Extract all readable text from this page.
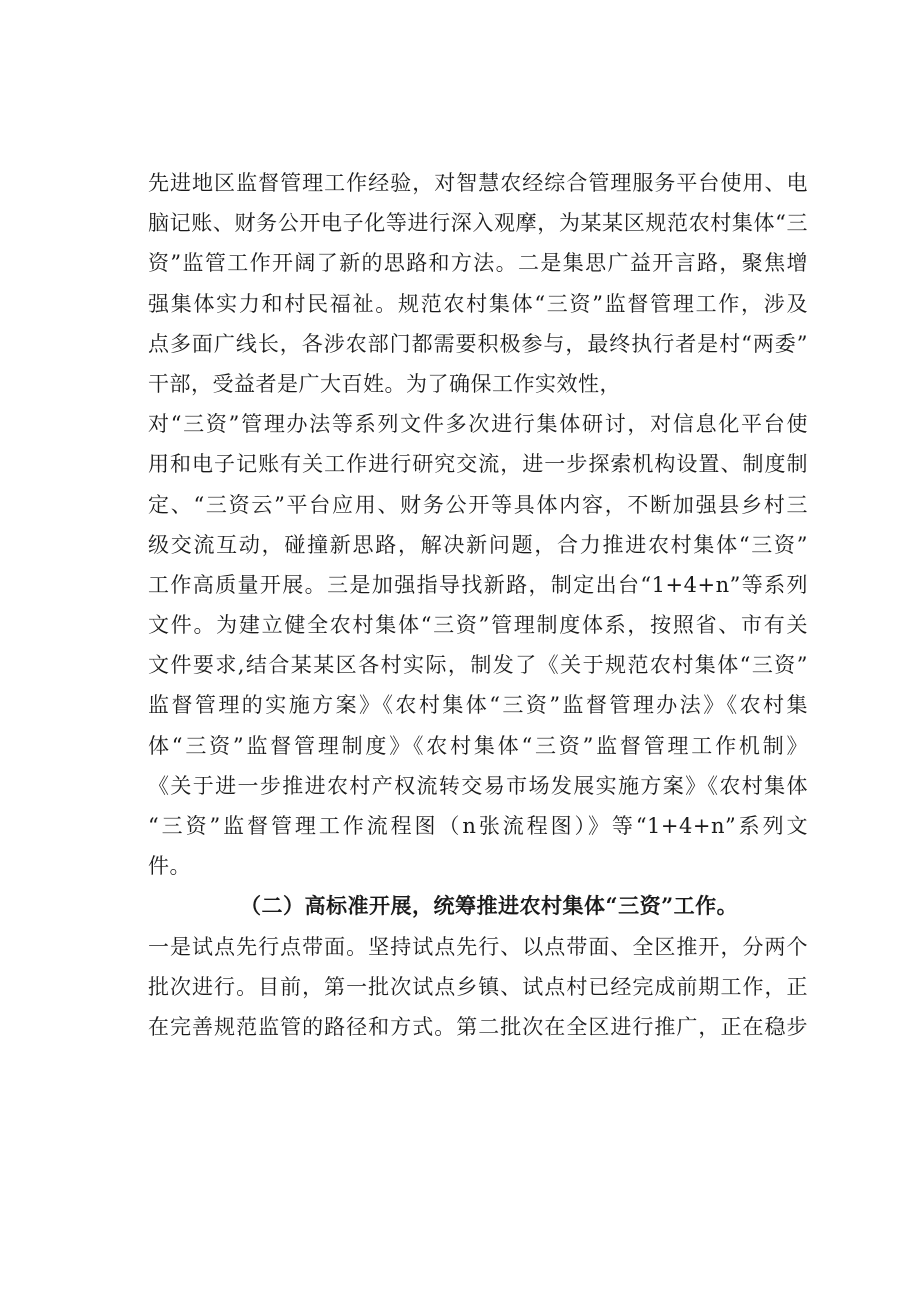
先进地区监督管理工作经验，对智慧农经综合管理服务平台使用、电
脑记账、财务公开电子化等进行深入观摩，为某某区规范农村集体“三
资”监管工作开阔了新的思路和方法。二是集思广益开言路，聚焦增
强集体实力和村民福祉。规范农村集体“三资”监督管理工作，涉及
点多面广线长，各涉农部门都需要积极参与，最终执行者是村“两委”
干部，受益者是广大百姓。为了确保工作实效性，
对“三资”管理办法等系列文件多次进行集体研讨，对信息化平台使
用和电子记账有关工作进行研究交流，进一步探索机构设置、制度制
定、“三资云”平台应用、财务公开等具体内容，不断加强县乡村三
级交流互动，碰撞新思路，解决新问题，合力推进农村集体“三资”
工作高质量开展。三是加强指导找新路，制定出台“1+4+n”等系列
文件。为建立健全农村集体“三资”管理制度体系，按照省、市有关
文件要求,结合某某区各村实际，制发了《关于规范农村集体“三资”
监督管理的实施方案》《农村集体“三资”监督管理办法》《农村集
体“三资”监督管理制度》《农村集体“三资”监督管理工作机制》
《关于进一步推进农村产权流转交易市场发展实施方案》《农村集体
“三资”监督管理工作流程图（n张流程图）》等“1+4+n”系列文
件。
（二）高标准开展，统筹推进农村集体“三资”工作。
一是试点先行点带面。坚持试点先行、以点带面、全区推开，分两个
批次进行。目前，第一批次试点乡镇、试点村已经完成前期工作，正
在完善规范监管的路径和方式。第二批次在全区进行推广，正在稳步
